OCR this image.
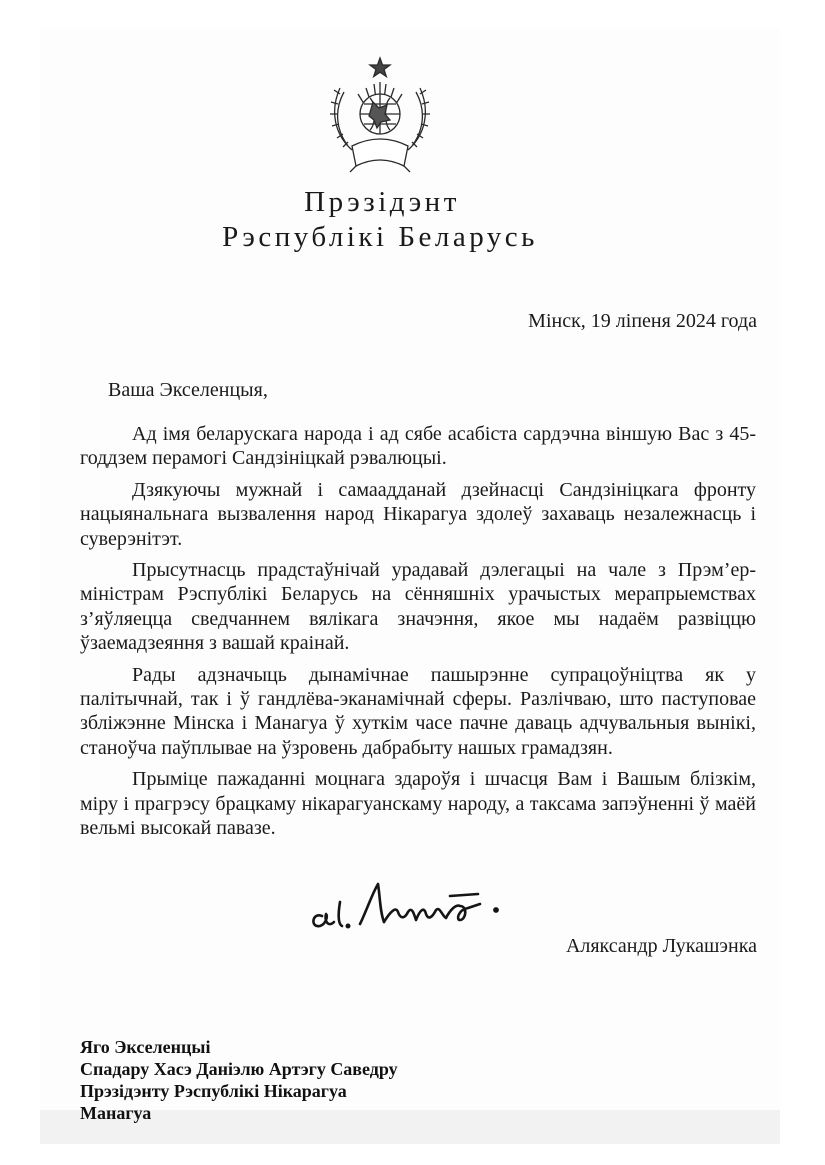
Прэзідэнт
Рэспублікі Беларусь
Мінск, 19 ліпеня 2024 года
Ваша Экселенцыя,

Ад імя беларускага народа і ад сябе асабіста сардэчна віншую Вас з 45-годдзем перамогі Сандзініцкай рэвалюцыі.

Дзякуючы мужнай і самаадданай дзейнасці Сандзініцкага фронту нацыянальнага вызвалення народ Нікарагуа здолеў захаваць незалежнасць і суверэнітэт.

Прысутнасць прадстаўнічай урадавай дэлегацыі на чале з Прэм’ер-міністрам Рэспублікі Беларусь на сённяшніх урачыстых мерапрыемствах з’яўляецца сведчаннем вялікага значэння, якое мы надаём развіццю ўзаемадзеяння з вашай краінай.

Рады адзначыць дынамічнае пашырэнне супрацоўніцтва як у палітычнай, так і ў гандлёва-эканамічнай сферы. Разлічваю, што паступовае збліжэнне Мінска і Манагуа ў хуткім часе пачне даваць адчувальныя вынікі, станоўча паўплывае на ўзровень дабрабыту нашых грамадзян.

Прыміце пажаданні моцнага здароўя і шчасця Вам і Вашым блізкім, міру і прагрэсу брацкаму нікарагуанскаму народу, а таксама запэўненні ў маёй вельмі высокай павазе.

Аляксандр Лукашэнка
Яго Экселенцыі
Спадару Хасэ Даніэлю Артэгу Саведру
Прэзідэнту Рэспублікі Нікарагуа
Манагуа
